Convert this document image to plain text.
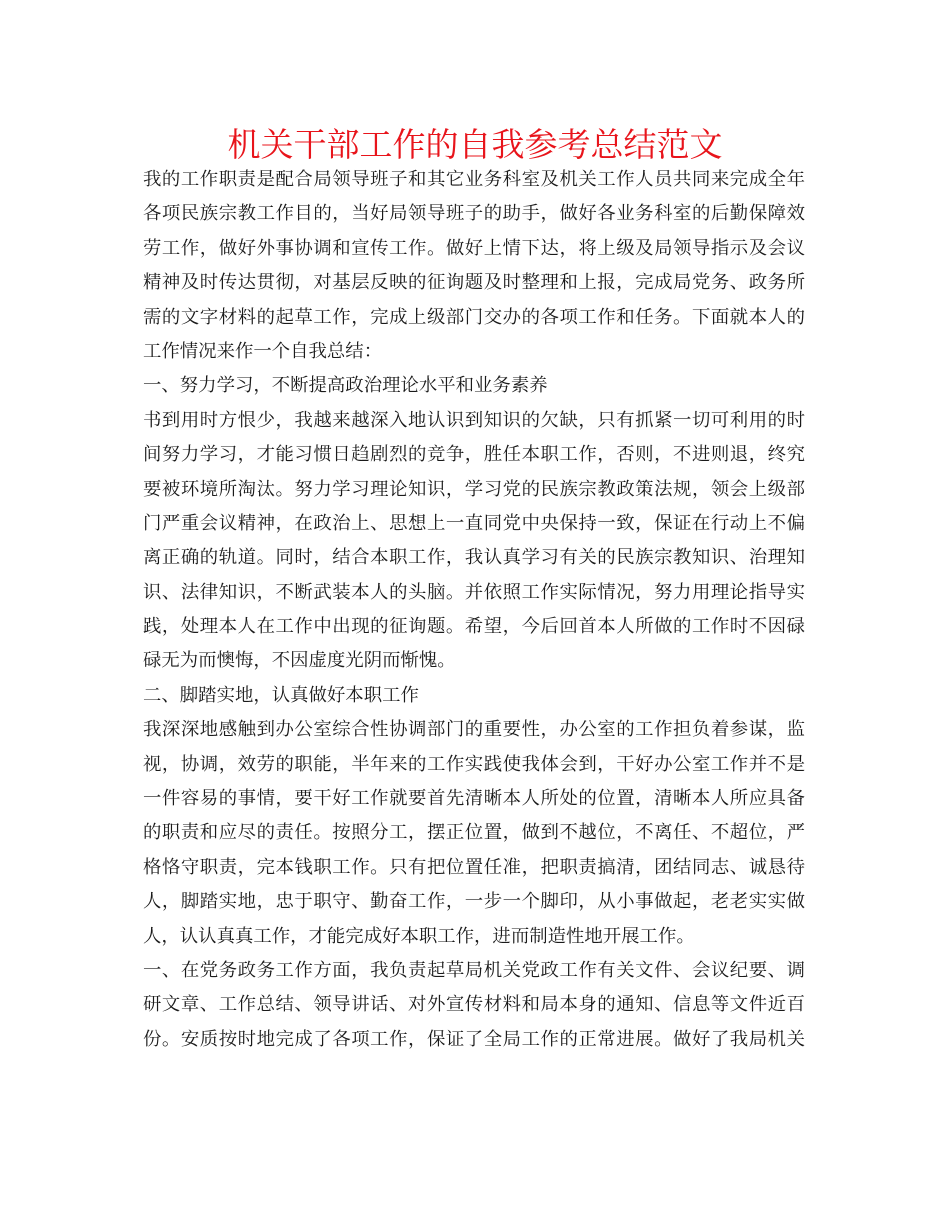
机关干部工作的自我参考总结范文
我的工作职责是配合局领导班子和其它业务科室及机关工作人员共同来完成全年
各项民族宗教工作目的，当好局领导班子的助手，做好各业务科室的后勤保障效
劳工作，做好外事协调和宣传工作。做好上情下达，将上级及局领导指示及会议
精神及时传达贯彻，对基层反映的征询题及时整理和上报，完成局党务、政务所
需的文字材料的起草工作，完成上级部门交办的各项工作和任务。下面就本人的
工作情况来作一个自我总结：
一、努力学习，不断提高政治理论水平和业务素养
书到用时方恨少，我越来越深入地认识到知识的欠缺，只有抓紧一切可利用的时
间努力学习，才能习惯日趋剧烈的竞争，胜任本职工作，否则，不进则退，终究
要被环境所淘汰。努力学习理论知识，学习党的民族宗教政策法规，领会上级部
门严重会议精神，在政治上、思想上一直同党中央保持一致，保证在行动上不偏
离正确的轨道。同时，结合本职工作，我认真学习有关的民族宗教知识、治理知
识、法律知识，不断武装本人的头脑。并依照工作实际情况，努力用理论指导实
践，处理本人在工作中出现的征询题。希望，今后回首本人所做的工作时不因碌
碌无为而懊悔，不因虚度光阴而惭愧。
二、脚踏实地，认真做好本职工作
我深深地感触到办公室综合性协调部门的重要性，办公室的工作担负着参谋，监
视，协调，效劳的职能，半年来的工作实践使我体会到，干好办公室工作并不是
一件容易的事情，要干好工作就要首先清晰本人所处的位置，清晰本人所应具备
的职责和应尽的责任。按照分工，摆正位置，做到不越位，不离任、不超位，严
格恪守职责，完本钱职工作。只有把位置任准，把职责搞清，团结同志、诚恳待
人，脚踏实地，忠于职守、勤奋工作，一步一个脚印，从小事做起，老老实实做
人，认认真真工作，才能完成好本职工作，进而制造性地开展工作。
一、在党务政务工作方面，我负责起草局机关党政工作有关文件、会议纪要、调
研文章、工作总结、领导讲话、对外宣传材料和局本身的通知、信息等文件近百
份。安质按时地完成了各项工作，保证了全局工作的正常进展。做好了我局机关
